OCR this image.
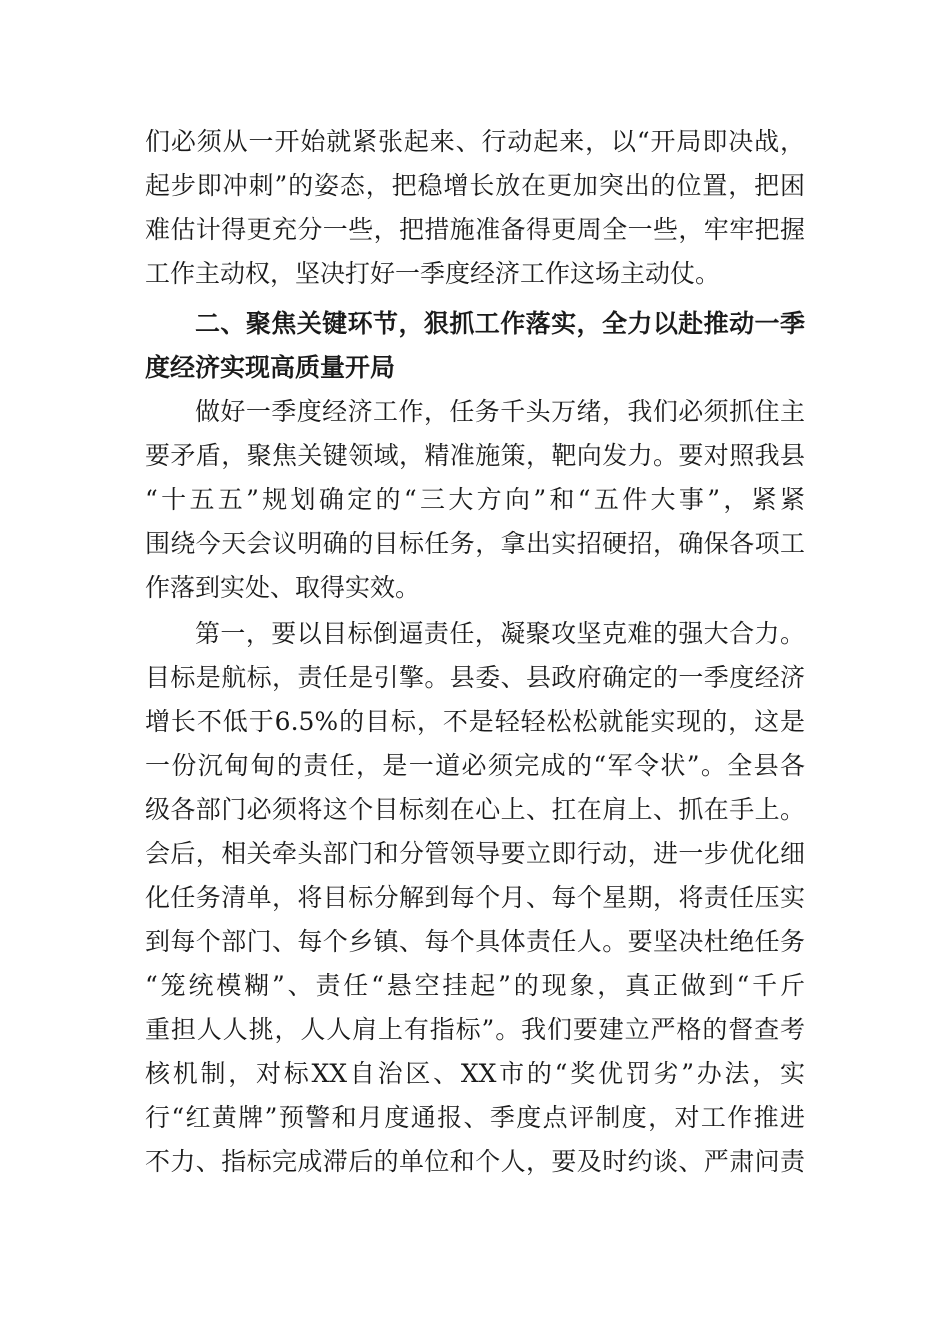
们必须从一开始就紧张起来、行动起来，以“开局即决战，
起步即冲刺”的姿态，把稳增长放在更加突出的位置，把困
难估计得更充分一些，把措施准备得更周全一些，牢牢把握
工作主动权，坚决打好一季度经济工作这场主动仗。
二、聚焦关键环节，狠抓工作落实，全力以赴推动一季
度经济实现高质量开局
做好一季度经济工作，任务千头万绪，我们必须抓住主
要矛盾，聚焦关键领域，精准施策，靶向发力。要对照我县
“十五五”规划确定的“三大方向”和“五件大事”，紧紧
围绕今天会议明确的目标任务，拿出实招硬招，确保各项工
作落到实处、取得实效。
第一，要以目标倒逼责任，凝聚攻坚克难的强大合力。
目标是航标，责任是引擎。县委、县政府确定的一季度经济
增长不低于6.5%的目标，不是轻轻松松就能实现的，这是
一份沉甸甸的责任，是一道必须完成的“军令状”。全县各
级各部门必须将这个目标刻在心上、扛在肩上、抓在手上。
会后，相关牵头部门和分管领导要立即行动，进一步优化细
化任务清单，将目标分解到每个月、每个星期，将责任压实
到每个部门、每个乡镇、每个具体责任人。要坚决杜绝任务
“笼统模糊”、责任“悬空挂起”的现象，真正做到“千斤
重担人人挑，人人肩上有指标”。我们要建立严格的督查考
核机制，对标XX自治区、XX市的“奖优罚劣”办法，实
行“红黄牌”预警和月度通报、季度点评制度，对工作推进
不力、指标完成滞后的单位和个人，要及时约谈、严肃问责
